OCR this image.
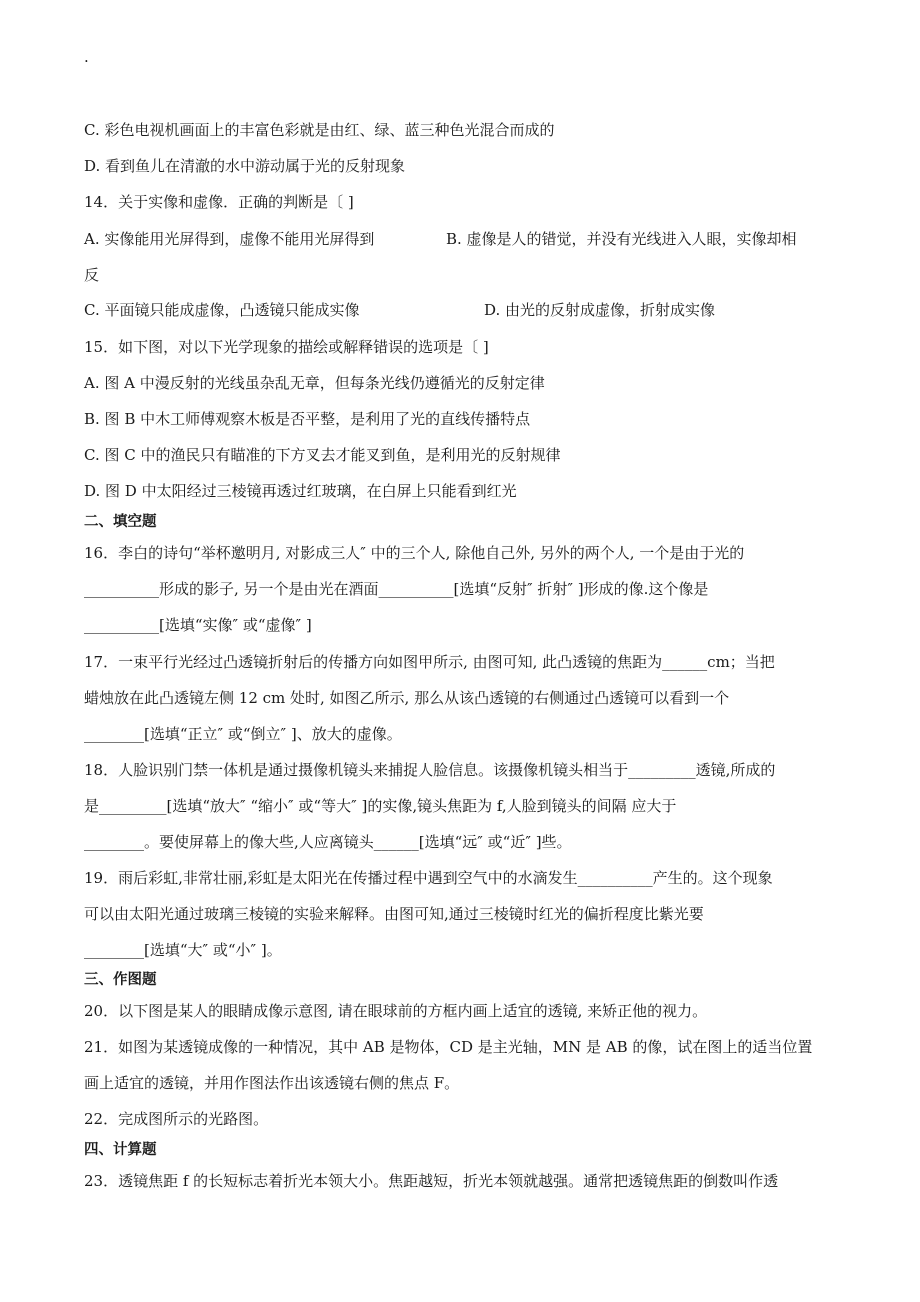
.
C. 彩色电视机画面上的丰富色彩就是由红、绿、蓝三种色光混合而成的
D. 看到鱼儿在清澈的水中游动属于光的反射现象
14．关于实像和虚像．正确的判断是〔 ]
A. 实像能用光屏得到，虚像不能用光屏得到	B. 虚像是人的错觉，并没有光线进入人眼，实像却相
反
C. 平面镜只能成虚像，凸透镜只能成实像	D. 由光的反射成虚像，折射成实像
15．如下图，对以下光学现象的描绘或解释错误的选项是〔 ]
A. 图 A 中漫反射的光线虽杂乱无章，但每条光线仍遵循光的反射定律
B. 图 B 中木工师傅观察木板是否平整，是利用了光的直线传播特点
C. 图 C 中的渔民只有瞄准的下方叉去才能叉到鱼，是利用光的反射规律
D. 图 D 中太阳经过三棱镜再透过红玻璃，在白屏上只能看到红光
二、填空题
16．李白的诗句“举杯邀明月, 对影成三人″ 中的三个人, 除他自己外, 另外的两个人, 一个是由于光的
__________形成的影子, 另一个是由光在酒面__________[选填“反射″ 折射″ ]形成的像.这个像是
__________[选填“实像″ 或“虚像″ ]
17．一束平行光经过凸透镜折射后的传播方向如图甲所示, 由图可知, 此凸透镜的焦距为______cm；当把
蜡烛放在此凸透镜左侧 12 cm 处时, 如图乙所示, 那么从该凸透镜的右侧通过凸透镜可以看到一个
________[选填“正立″ 或“倒立″ ]、放大的虚像。
18．人脸识别门禁一体机是通过摄像机镜头来捕捉人脸信息。该摄像机镜头相当于_________透镜,所成的
是_________[选填“放大″ “缩小″ 或“等大″ ]的实像,镜头焦距为 f,人脸到镜头的间隔 应大于
________。要使屏幕上的像大些,人应离镜头______[选填“远″ 或“近″ ]些。
19．雨后彩虹,非常壮丽,彩虹是太阳光在传播过程中遇到空气中的水滴发生__________产生的。这个现象
可以由太阳光通过玻璃三棱镜的实验来解释。由图可知,通过三棱镜时红光的偏折程度比紫光要
________[选填“大″ 或“小″ ]。
三、作图题
20．以下图是某人的眼睛成像示意图, 请在眼球前的方框内画上适宜的透镜, 来矫正他的视力。
21．如图为某透镜成像的一种情况，其中 AB 是物体，CD 是主光轴，MN 是 AB 的像，试在图上的适当位置
画上适宜的透镜，并用作图法作出该透镜右侧的焦点 F。
22．完成图所示的光路图。
四、计算题
23．透镜焦距 f 的长短标志着折光本领大小。焦距越短，折光本领就越强。通常把透镜焦距的倒数叫作透
